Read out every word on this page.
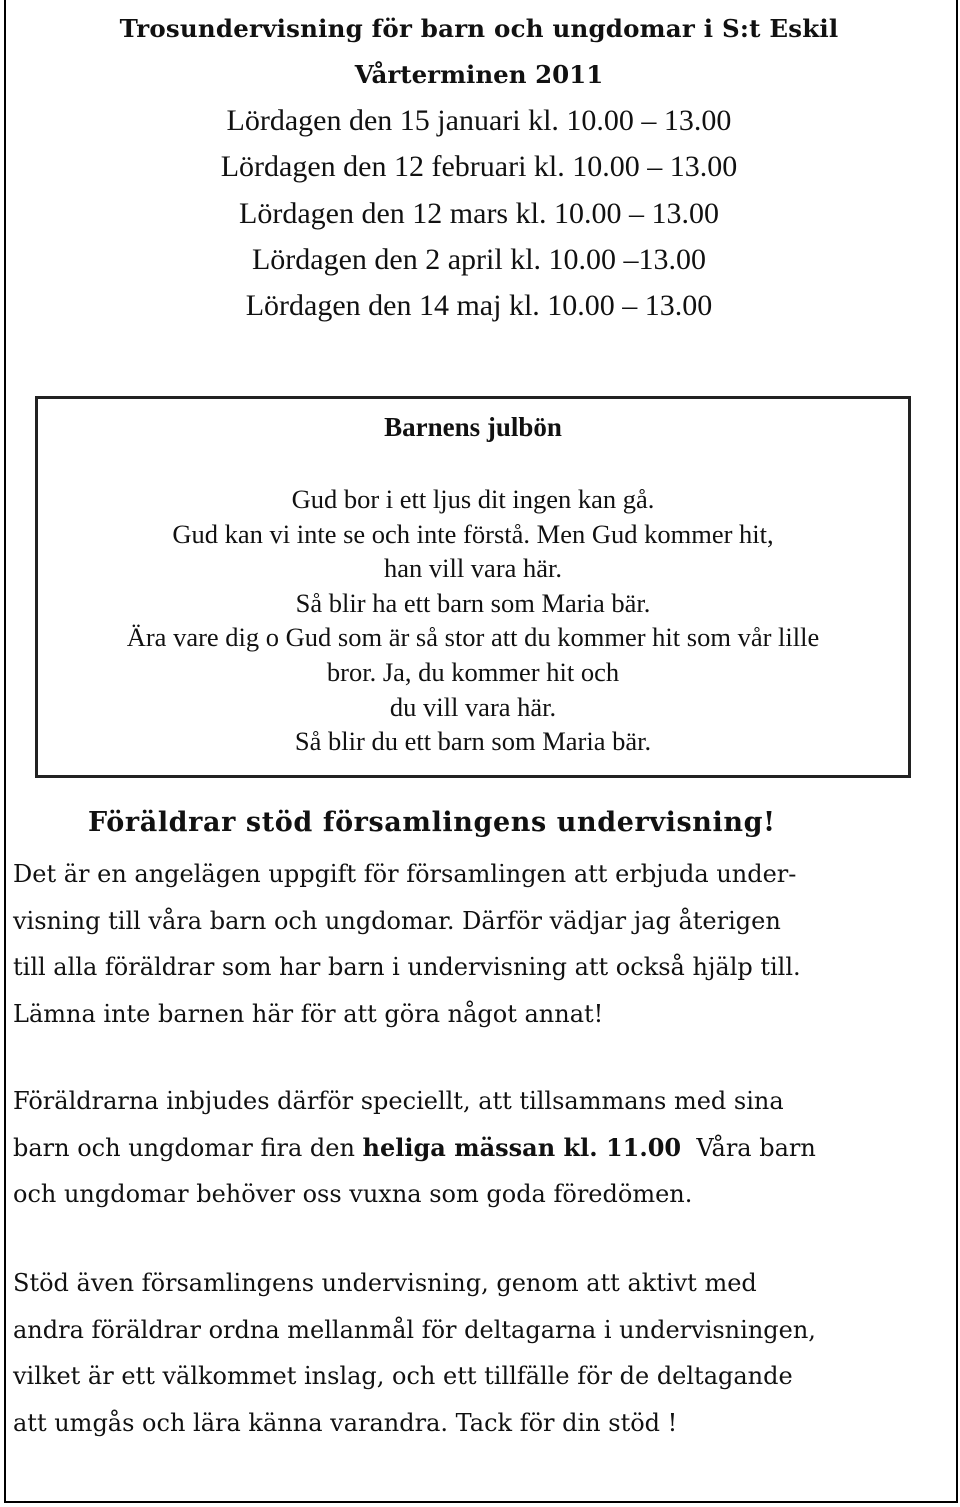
Trosundervisning för barn och ungdomar i S:t Eskil
Vårterminen 2011
Lördagen den 15 januari kl. 10.00 – 13.00
Lördagen den 12 februari kl. 10.00 – 13.00
Lördagen den 12 mars kl. 10.00 – 13.00
Lördagen den 2 april kl. 10.00 –13.00
Lördagen den 14 maj kl. 10.00 – 13.00
Barnens julbön
Gud bor i ett ljus dit ingen kan gå.
Gud kan vi inte se och inte förstå. Men Gud kommer hit,
han vill vara här.
Så blir ha ett barn som Maria bär.
Ära vare dig o Gud som är så stor att du kommer hit som vår lille
bror. Ja, du kommer hit och
du vill vara här.
Så blir du ett barn som Maria bär.
Föräldrar stöd församlingens undervisning!
Det är en angelägen uppgift för församlingen att erbjuda under-
visning till våra barn och ungdomar. Därför vädjar jag återigen
till alla föräldrar som har barn i undervisning att också hjälp till.
Lämna inte barnen här för att göra något annat!
Föräldrarna inbjudes därför speciellt, att tillsammans med sina
barn och ungdomar fira den heliga mässan kl. 11.00  Våra barn
och ungdomar behöver oss vuxna som goda föredömen.
Stöd även församlingens undervisning, genom att aktivt med
andra föräldrar ordna mellanmål för deltagarna i undervisningen,
vilket är ett välkommet inslag, och ett tillfälle för de deltagande
att umgås och lära känna varandra. Tack för din stöd !
